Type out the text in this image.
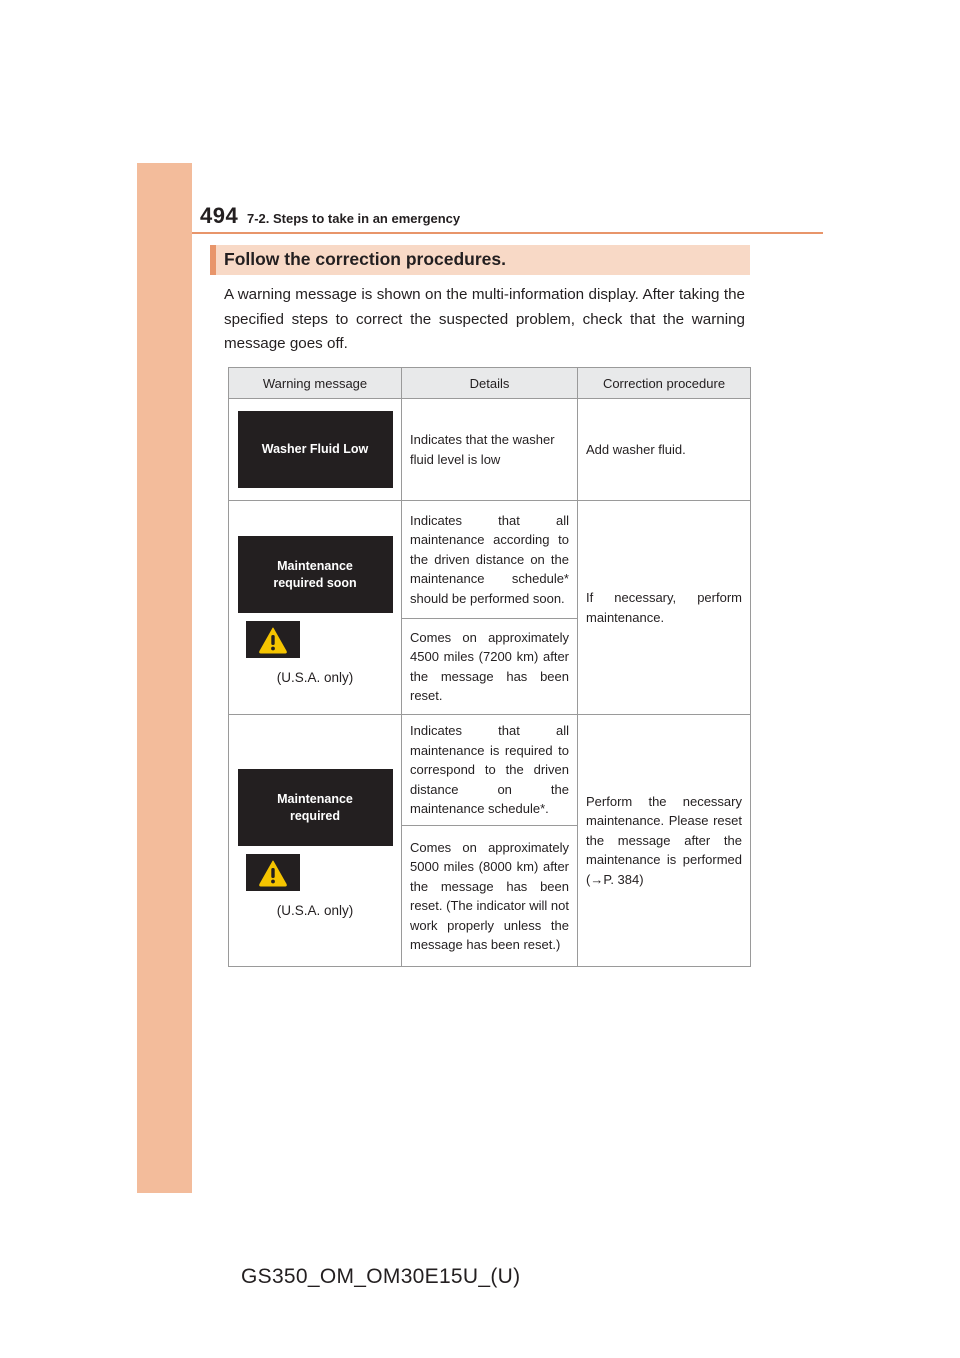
494 7-2. Steps to take in an emergency
Follow the correction procedures.
A warning message is shown on the multi-information display. After taking the specified steps to correct the suspected problem, check that the warning message goes off.
Warning message	Details	Correction procedure

Washer Fluid Low	Indicates that the washer fluid level is low	Add washer fluid.

Maintenance
required soon
(U.S.A. only)	Indicates that all maintenance according to the driven distance on the maintenance schedule* should be performed soon.	If necessary, perform maintenance.

	Comes on approximately 4500 miles (7200 km) after the message has been reset.	

Maintenance
required
(U.S.A. only)	Indicates that all maintenance is required to correspond to the driven distance on the maintenance schedule*.	Perform the necessary maintenance. Please reset the message after the maintenance is performed (→P. 384)

	Comes on approximately 5000 miles (8000 km) after the message has been reset. (The indicator will not work properly unless the message has been reset.)	
GS350_OM_OM30E15U_(U)
